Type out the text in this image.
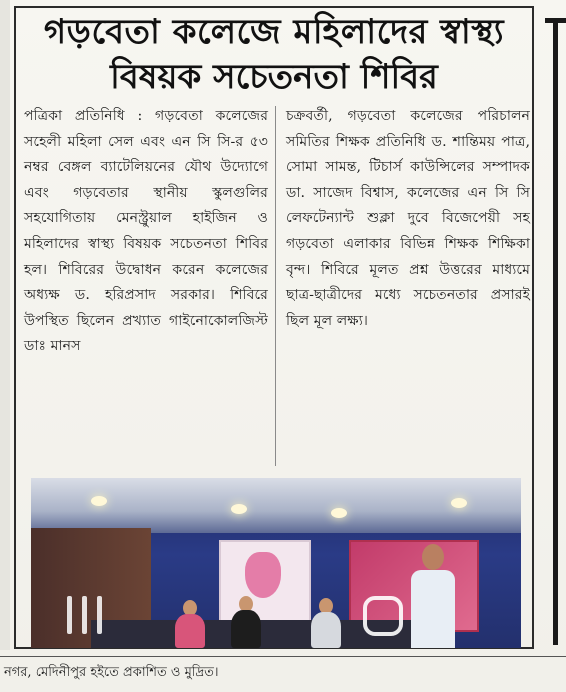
গড়বেতা কলেজে মহিলাদের স্বাস্থ্য
বিষয়ক সচেতনতা শিবির
পত্রিকা প্রতিনিধি : গড়বেতা কলেজের সহেলী মহিলা সেল এবং এন সি সি-র ৫৩ নম্বর বেঙ্গল ব্যাটেলিয়নের যৌথ উদ্যোগে এবং গড়বেতার স্থানীয় স্কুলগুলির সহযোগিতায় মেনস্ট্রুয়াল হাইজিন ও মহিলাদের স্বাস্থ্য বিষয়ক সচেতনতা শিবির হল। শিবিরের উদ্বোধন করেন কলেজের অধ্যক্ষ ড. হরিপ্রসাদ সরকার। শিবিরে উপস্থিত ছিলেন প্রখ্যাত গাইনোকোলজিস্ট ডাঃ মানস
চক্রবর্তী, গড়বেতা কলেজের পরিচালন সমিতির শিক্ষক প্রতিনিধি ড. শান্তিময় পাত্র, সোমা সামন্ত, টিচার্স কাউন্সিলের সম্পাদক ডা. সাজেদ বিশ্বাস, কলেজের এন সি সি লেফটেন্যান্ট শুক্লা দুবে বিজেপেয়ী সহ গড়বেতা এলাকার বিভিন্ন শিক্ষক শিক্ষিকা বৃন্দ। শিবিরে মূলত প্রশ্ন উত্তরের মাধ্যমে ছাত্র-ছাত্রীদের মধ্যে সচেতনতার প্রসারই ছিল মূল লক্ষ্য।
নগর, মেদিনীপুর হইতে প্রকাশিত ও মুদ্রিত।
